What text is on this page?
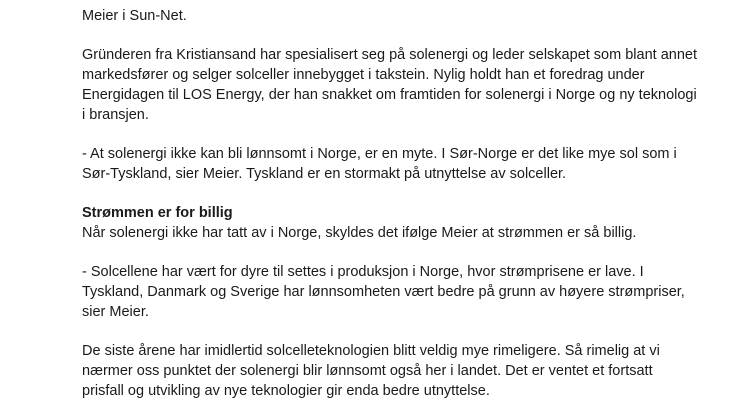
Meier i Sun-Net.

Gründeren fra Kristiansand har spesialisert seg på solenergi og leder selskapet som blant annet

markedsfører og selger solceller innebygget i takstein. Nylig holdt han et foredrag under

Energidagen til LOS Energy, der han snakket om framtiden for solenergi i Norge og ny teknologi

i bransjen.

- At solenergi ikke kan bli lønnsomt i Norge, er en myte. I Sør-Norge er det like mye sol som i

Sør-Tyskland, sier Meier. Tyskland er en stormakt på utnyttelse av solceller.

Strømmen er for billig

Når solenergi ikke har tatt av i Norge, skyldes det ifølge Meier at strømmen er så billig.

- Solcellene har vært for dyre til settes i produksjon i Norge, hvor strømprisene er lave. I

Tyskland, Danmark og Sverige har lønnsomheten vært bedre på grunn av høyere strømpriser,

sier Meier.

De siste årene har imidlertid solcelleteknologien blitt veldig mye rimeligere. Så rimelig at vi

nærmer oss punktet der solenergi blir lønnsomt også her i landet. Det er ventet et fortsatt

prisfall og utvikling av nye teknologier gir enda bedre utnyttelse.
